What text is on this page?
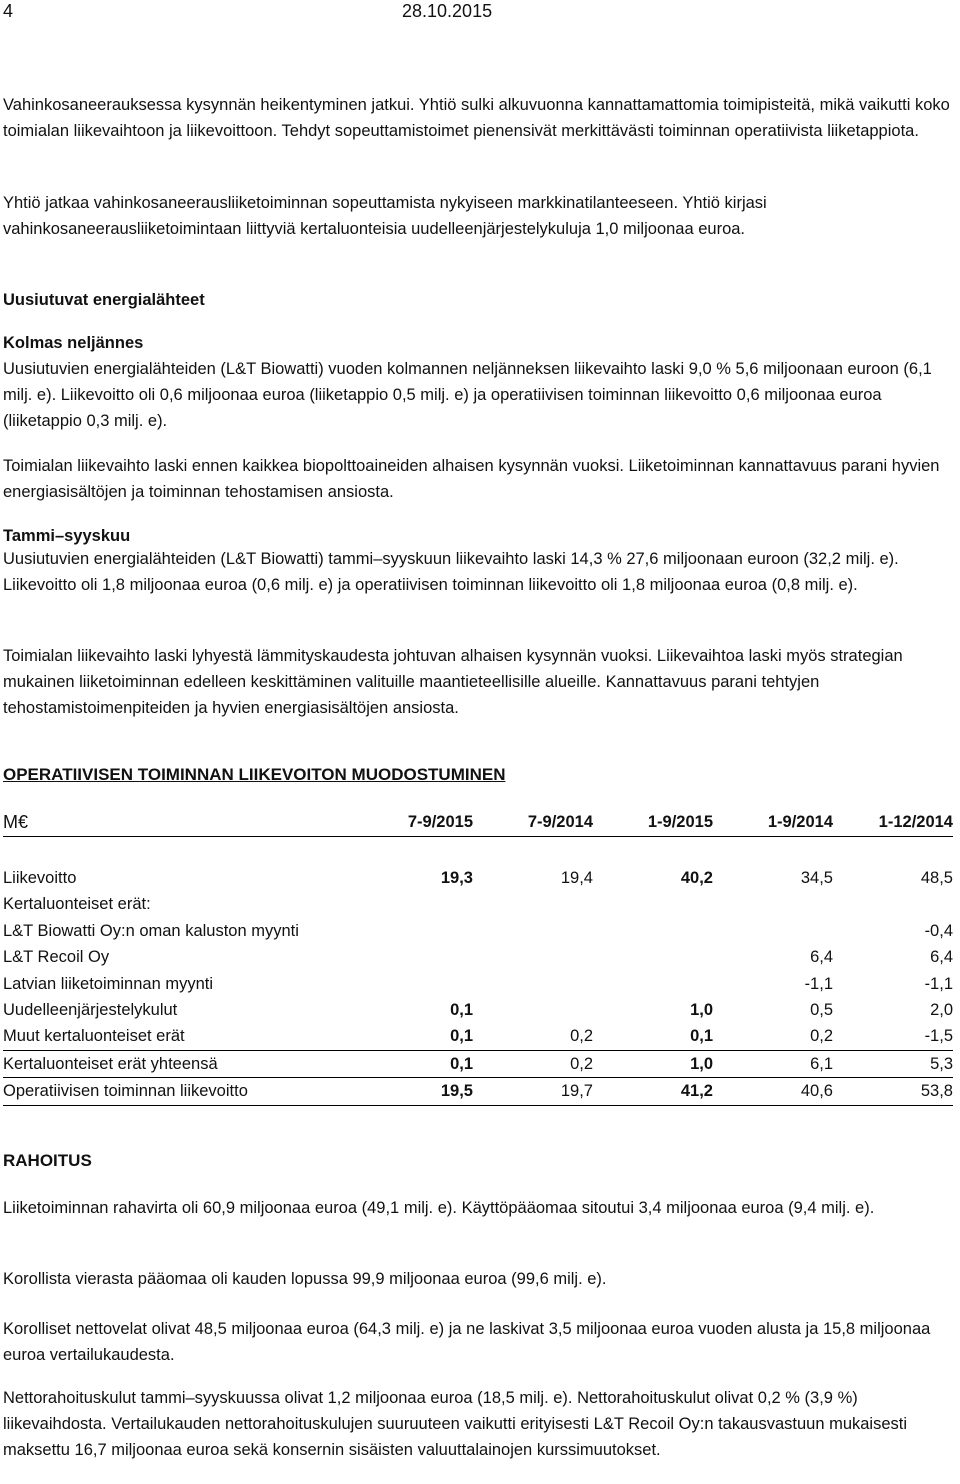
4	28.10.2015

Vahinkosaneerauksessa kysynnän heikentyminen jatkui. Yhtiö sulki alkuvuonna kannattamattomia toimipisteitä, mikä vaikutti koko toimialan liikevaihtoon ja liikevoittoon. Tehdyt sopeuttamistoimet pienensivät merkittävästi toiminnan operatiivista liiketappiota.

Yhtiö jatkaa vahinkosaneerausliiketoiminnan sopeuttamista nykyiseen markkinatilanteeseen. Yhtiö kirjasi vahinkosaneerausliiketoimintaan liittyviä kertaluonteisia uudelleenjärjestelykuluja 1,0 miljoonaa euroa.

Uusiutuvat energialähteet

Kolmas neljännes

Uusiutuvien energialähteiden (L&T Biowatti) vuoden kolmannen neljänneksen liikevaihto laski 9,0 % 5,6 miljoonaan euroon (6,1 milj. e). Liikevoitto oli 0,6 miljoonaa euroa (liiketappio 0,5 milj. e) ja operatiivisen toiminnan liikevoitto 0,6 miljoonaa euroa (liiketappio 0,3 milj. e).

Toimialan liikevaihto laski ennen kaikkea biopolttoaineiden alhaisen kysynnän vuoksi. Liiketoiminnan kannattavuus parani hyvien energiasisältöjen ja toiminnan tehostamisen ansiosta.

Tammi–syyskuu

Uusiutuvien energialähteiden (L&T Biowatti) tammi–syyskuun liikevaihto laski 14,3 % 27,6 miljoonaan euroon (32,2 milj. e). Liikevoitto oli 1,8 miljoonaa euroa (0,6 milj. e) ja operatiivisen toiminnan liikevoitto oli 1,8 miljoonaa euroa (0,8 milj. e).

Toimialan liikevaihto laski lyhyestä lämmityskaudesta johtuvan alhaisen kysynnän vuoksi. Liikevaihtoa laski myös strategian mukainen liiketoiminnan edelleen keskittäminen valituille maantieteellisille alueille. Kannattavuus parani tehtyjen tehostamistoimenpiteiden ja hyvien energiasisältöjen ansiosta.

OPERATIIVISEN TOIMINNAN LIIKEVOITON MUODOSTUMINEN

M€	7-9/2015	7-9/2014	1-9/2015	1-9/2014	1-12/2014

Liikevoitto	19,3	19,4	40,2	34,5	48,5
Kertaluonteiset erät:					
L&T Biowatti Oy:n oman kaluston myynti					-0,4
L&T Recoil Oy				6,4	6,4
Latvian liiketoiminnan myynti				-1,1	-1,1
Uudelleenjärjestelykulut	0,1		1,0	0,5	2,0
Muut kertaluonteiset erät	0,1	0,2	0,1	0,2	-1,5
Kertaluonteiset erät yhteensä	0,1	0,2	1,0	6,1	5,3
Operatiivisen toiminnan liikevoitto	19,5	19,7	41,2	40,6	53,8

RAHOITUS

Liiketoiminnan rahavirta oli 60,9 miljoonaa euroa (49,1 milj. e). Käyttöpääomaa sitoutui 3,4 miljoonaa euroa (9,4 milj. e).

Korollista vierasta pääomaa oli kauden lopussa 99,9 miljoonaa euroa (99,6 milj. e).

Korolliset nettovelat olivat 48,5 miljoonaa euroa (64,3 milj. e) ja ne laskivat 3,5 miljoonaa euroa vuoden alusta ja 15,8 miljoonaa euroa vertailukaudesta.

Nettorahoituskulut tammi–syyskuussa olivat 1,2 miljoonaa euroa (18,5 milj. e). Nettorahoituskulut olivat 0,2 % (3,9 %) liikevaihdosta. Vertailukauden nettorahoituskulujen suuruuteen vaikutti erityisesti L&T Recoil Oy:n takausvastuun mukaisesti maksettu 16,7 miljoonaa euroa sekä konsernin sisäisten valuuttalainojen kurssimuutokset.
